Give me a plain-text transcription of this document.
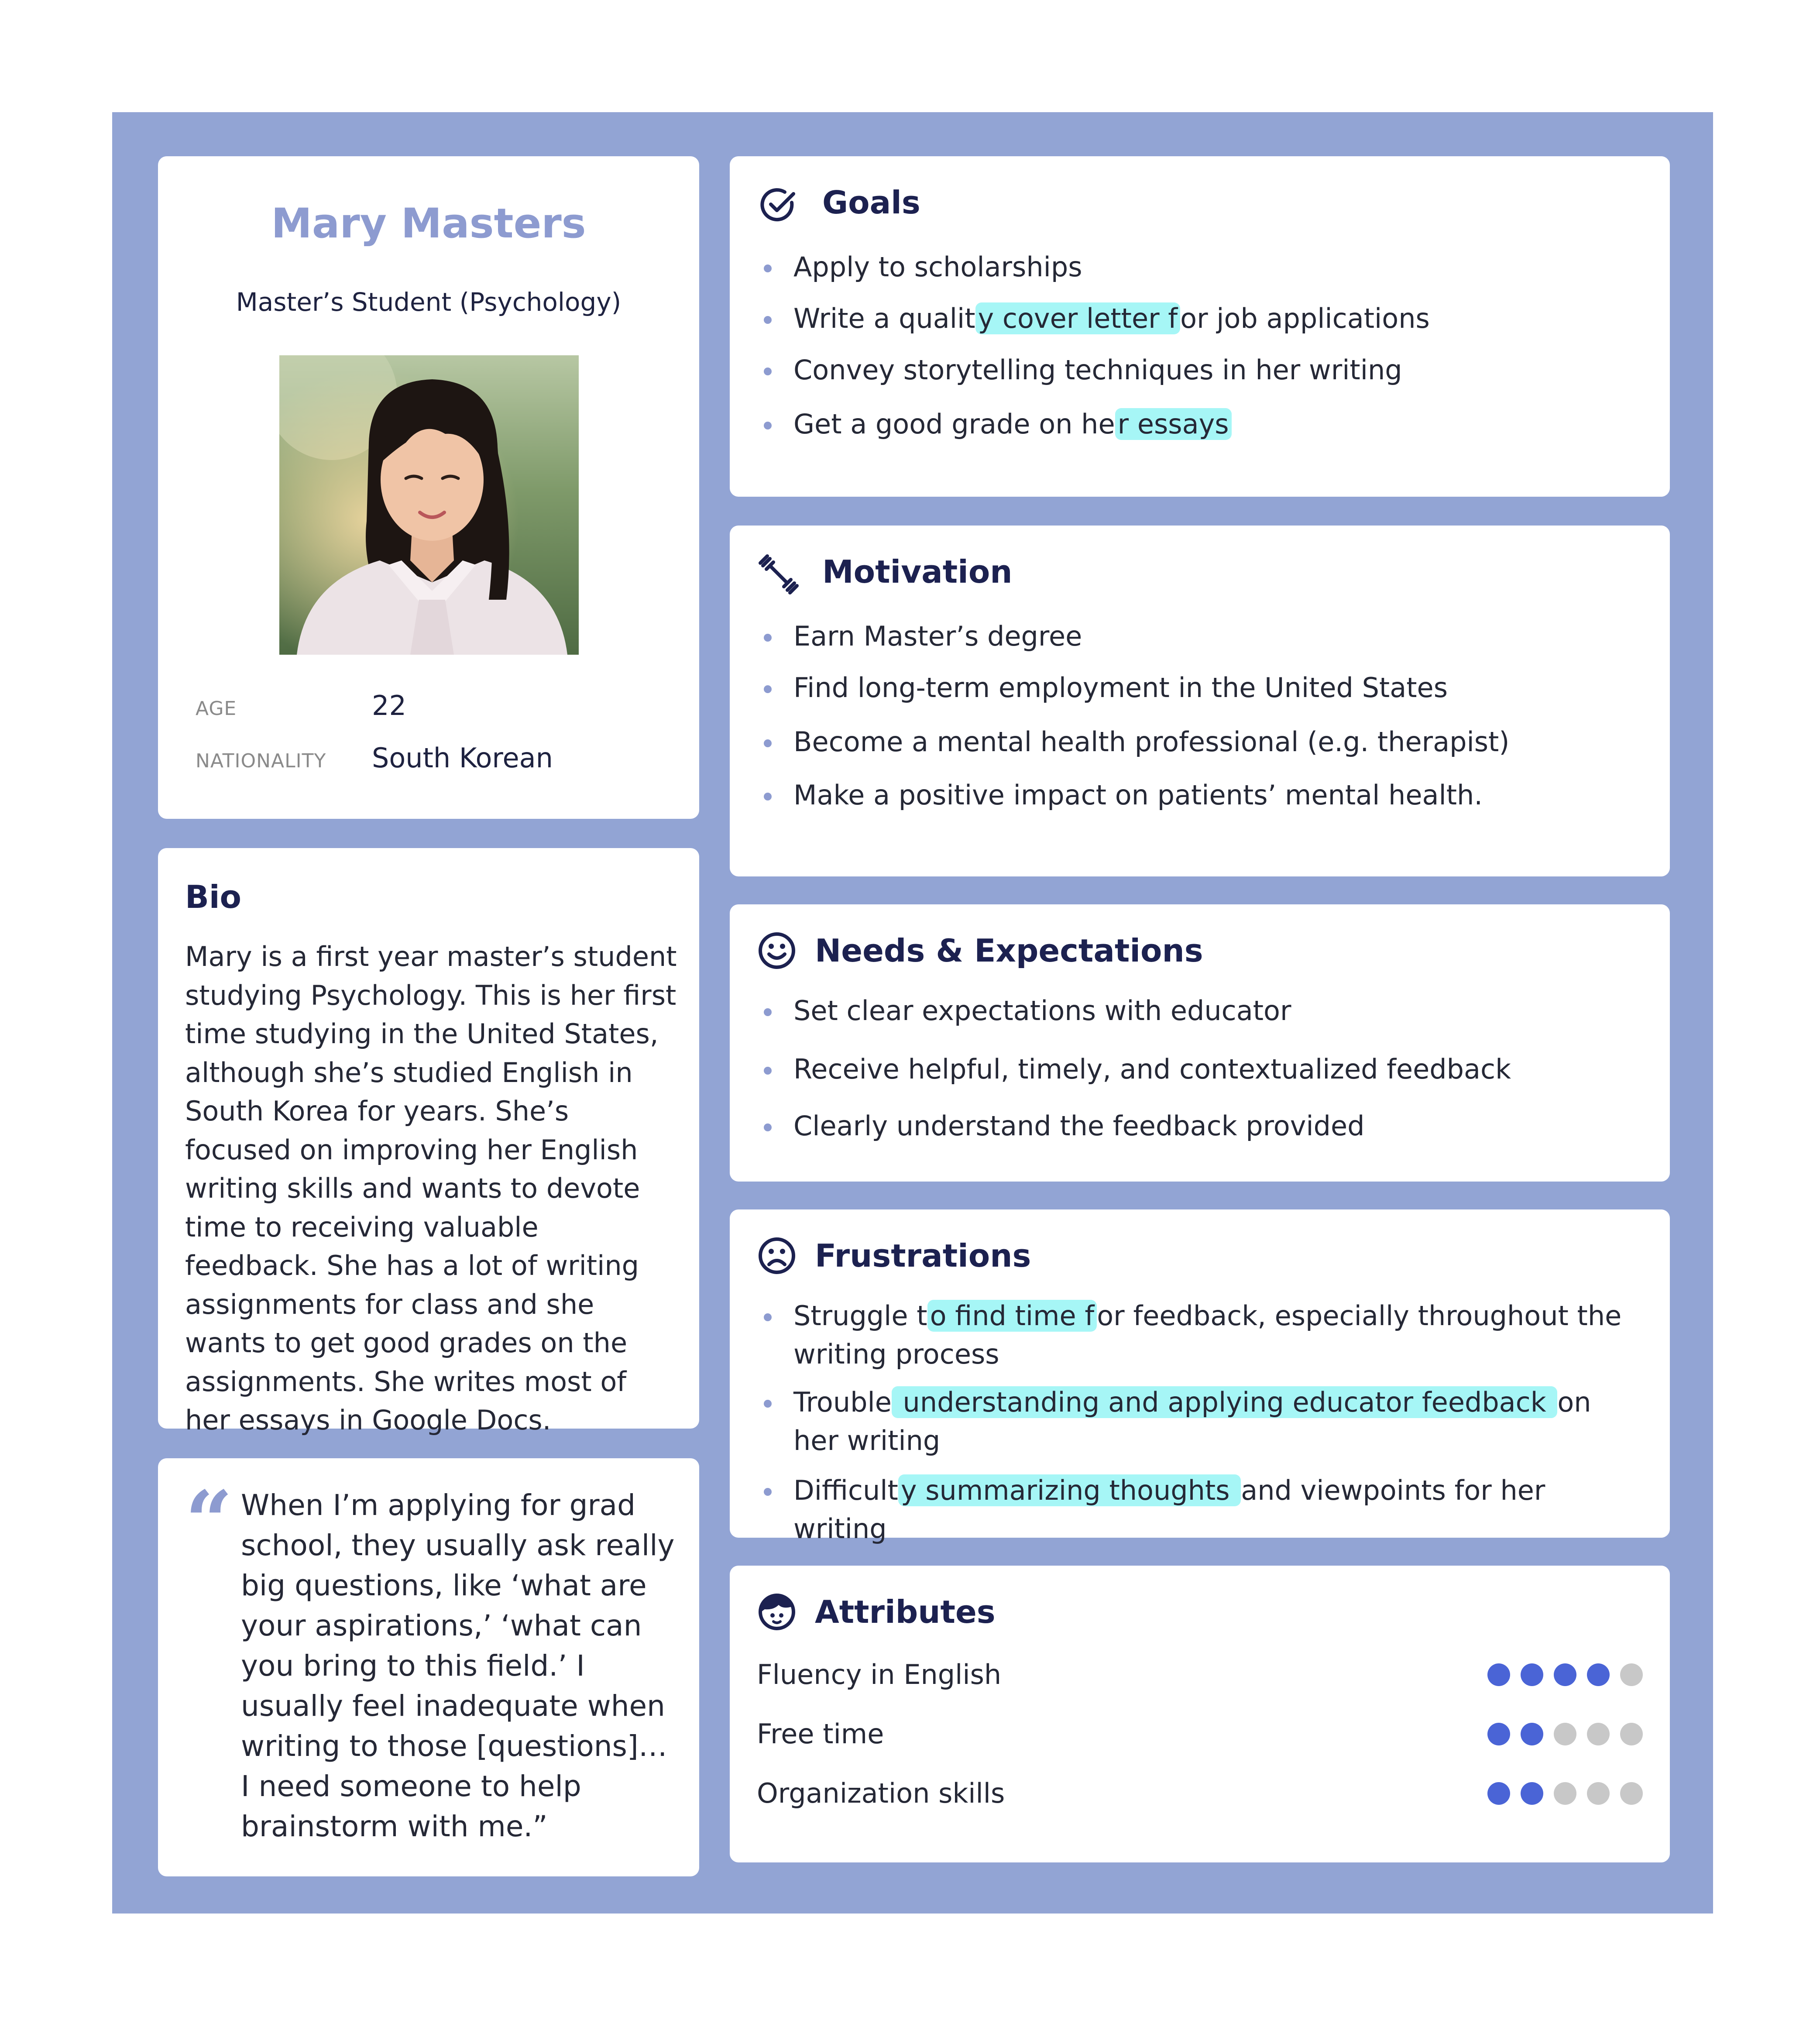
Mary Masters
Master’s Student (Psychology)
AGE	22
NATIONALITY South Korean
Bio
Mary is a first year master’s student studying Psychology. This is her first time studying in the United States, although she’s studied English in South Korea for years. She’s focused on improving her English writing skills and wants to devote time to receiving valuable feedback. She has a lot of writing assignments for class and she wants to get good grades on the assignments. She writes most of her essays in Google Docs.
“ When I’m applying for grad school, they usually ask really big questions, like ‘what are your aspirations,’ ‘what can you bring to this field.’ I usually feel inadequate when writing to those [questions]… I need someone to help brainstorm with me.”
Goals
Apply to scholarships
Write a quality cover letter for job applications
Convey storytelling techniques in her writing
Get a good grade on her essays
Motivation
Earn Master’s degree
Find long-term employment in the United States
Become a mental health professional (e.g. therapist)
Make a positive impact on patients’ mental health.
Needs & Expectations
Set clear expectations with educator
Receive helpful, timely, and contextualized feedback
Clearly understand the feedback provided
Frustrations
Struggle to find time for feedback, especially throughout the writing process
Trouble understanding and applying educator feedback on her writing
Difficulty summarizing thoughts and viewpoints for her writing
Attributes
Fluency in English
Free time
Organization skills
